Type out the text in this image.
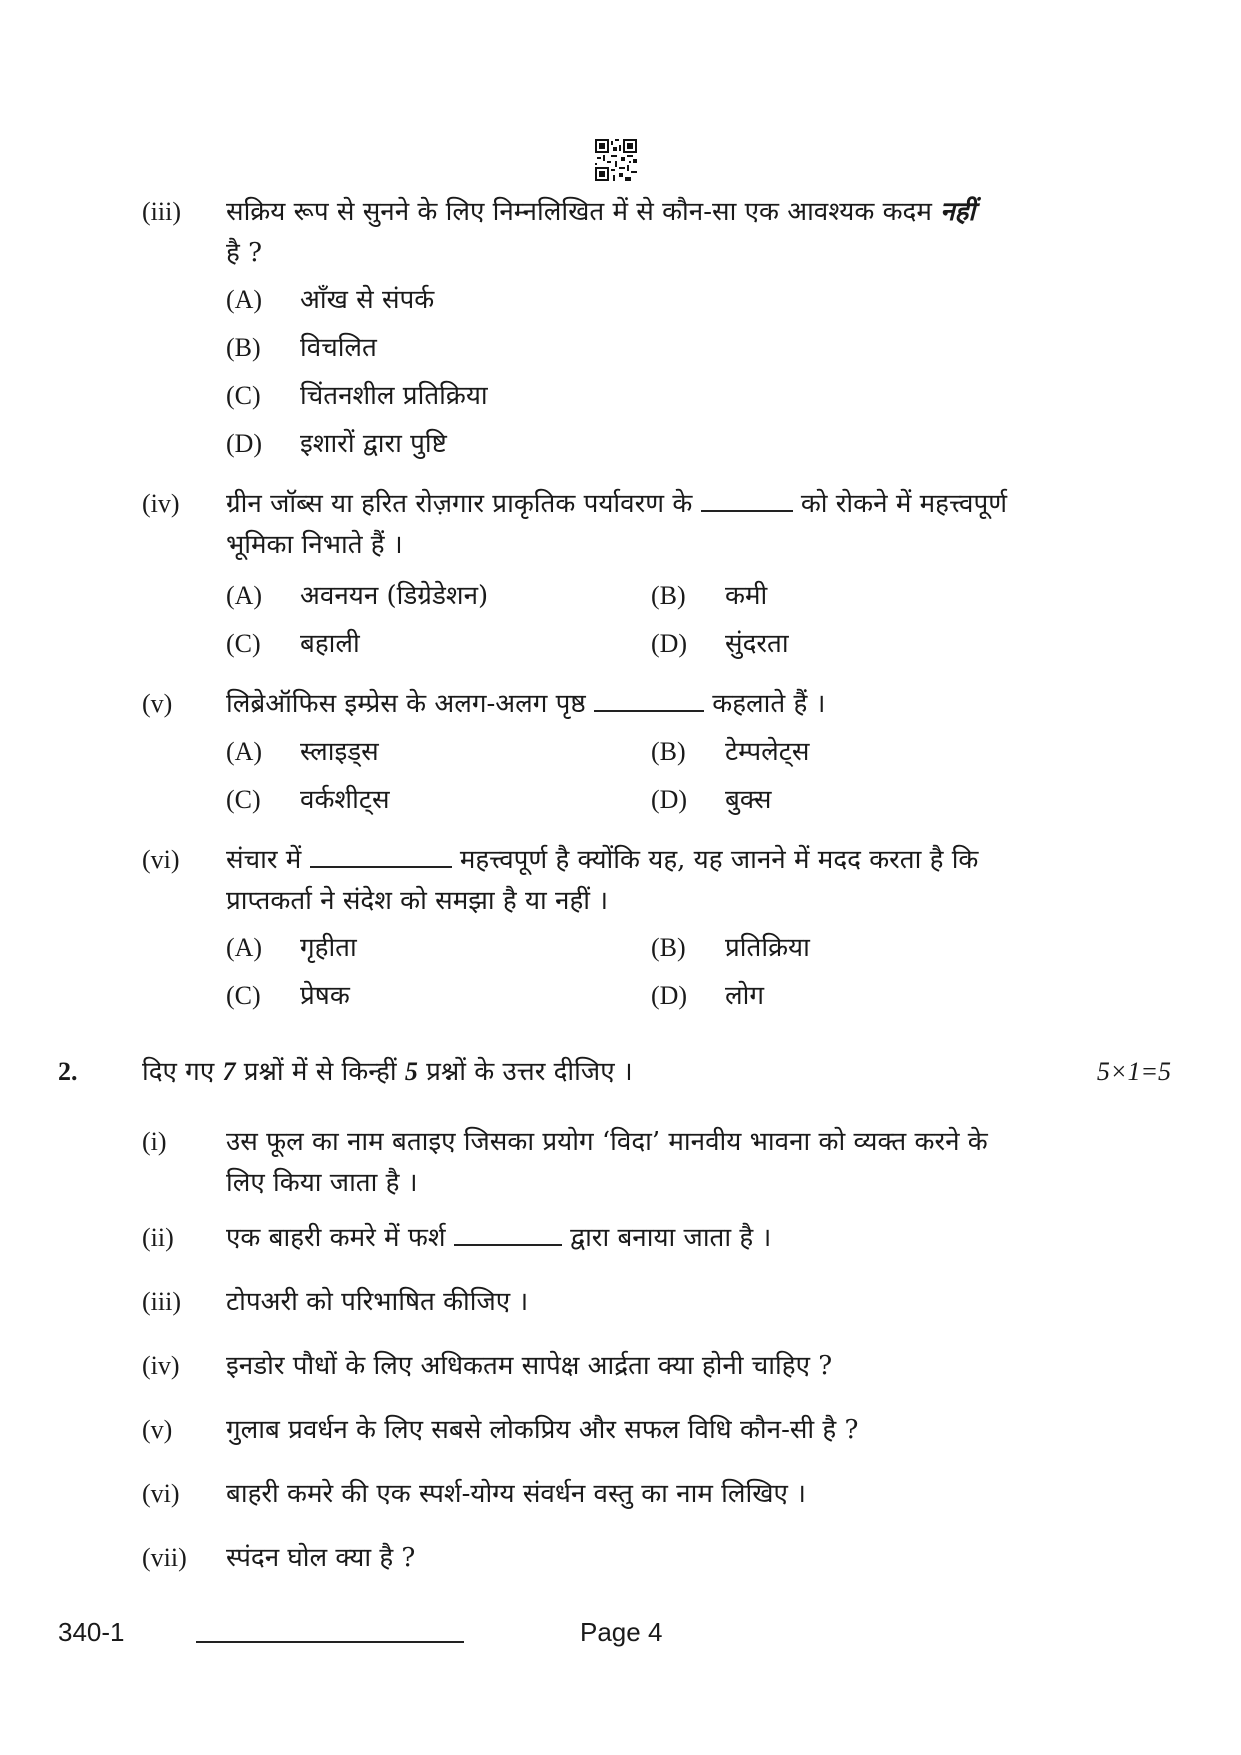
(iii) सक्रिय रूप से सुनने के लिए निम्नलिखित में से कौन-सा एक आवश्यक कदम नहीं
है ?
(A) आँख से संपर्क
(B) विचलित
(C) चिंतनशील प्रतिक्रिया
(D) इशारों द्वारा पुष्टि
(iv) ग्रीन जॉब्स या हरित रोज़गार प्राकृतिक पर्यावरण के	को रोकने में महत्त्वपूर्ण
भूमिका निभाते हैं ।
(A) अवनयन (डिग्रेडेशन)	(B) कमी
(C) बहाली	(D) सुंदरता
(v) लिब्रेऑफिस इम्प्रेस के अलग-अलग पृष्ठ	कहलाते हैं ।
(A) स्लाइड्स	(B) टेम्पलेट्स
(C) वर्कशीट्स	(D) बुक्स
(vi) संचार में	महत्त्वपूर्ण है क्योंकि यह, यह जानने में मदद करता है कि
प्राप्तकर्ता ने संदेश को समझा है या नहीं ।
(A) गृहीता	(B) प्रतिक्रिया
(C) प्रेषक	(D) लोग
2. दिए गए 7 प्रश्नों में से किन्हीं 5 प्रश्नों के उत्तर दीजिए ।	5×1=5
(i) उस फूल का नाम बताइए जिसका प्रयोग ‘विदा’ मानवीय भावना को व्यक्त करने के
लिए किया जाता है ।
(ii) एक बाहरी कमरे में फर्श	द्वारा बनाया जाता है ।
(iii) टोपअरी को परिभाषित कीजिए ।
(iv) इनडोर पौधों के लिए अधिकतम सापेक्ष आर्द्रता क्या होनी चाहिए ?
(v) गुलाब प्रवर्धन के लिए सबसे लोकप्रिय और सफल विधि कौन-सी है ?
(vi) बाहरी कमरे की एक स्पर्श-योग्य संवर्धन वस्तु का नाम लिखिए ।
(vii) स्पंदन घोल क्या है ?
340-1	Page 4
